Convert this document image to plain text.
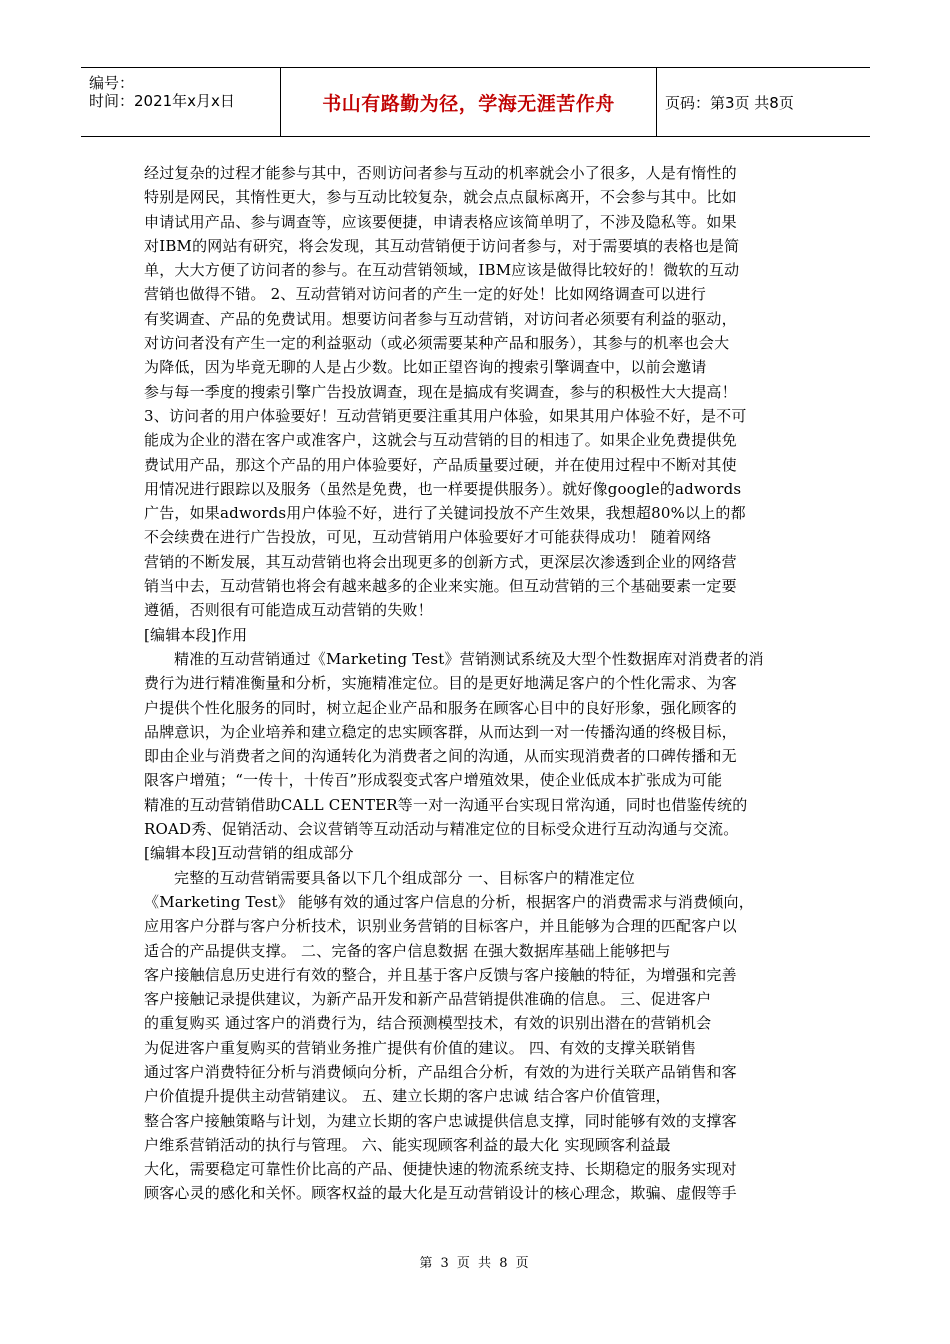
编号：
时间：2021年x月x日	书山有路勤为径，学海无涯苦作舟	页码：第3页 共8页
经过复杂的过程才能参与其中，否则访问者参与互动的机率就会小了很多，人是有惰性的
特别是网民，其惰性更大，参与互动比较复杂，就会点点鼠标离开，不会参与其中。比如
申请试用产品、参与调查等，应该要便捷，申请表格应该简单明了，不涉及隐私等。如果
对IBM的网站有研究，将会发现，其互动营销便于访问者参与，对于需要填的表格也是简
单，大大方便了访问者的参与。在互动营销领域，IBM应该是做得比较好的！微软的互动
营销也做得不错。 2、互动营销对访问者的产生一定的好处！比如网络调查可以进行
有奖调查、产品的免费试用。想要访问者参与互动营销，对访问者必须要有利益的驱动，
对访问者没有产生一定的利益驱动（或必须需要某种产品和服务），其参与的机率也会大
为降低，因为毕竟无聊的人是占少数。比如正望咨询的搜索引擎调查中，以前会邀请
参与每一季度的搜索引擎广告投放调查，现在是搞成有奖调查，参与的积极性大大提高！
3、访问者的用户体验要好！互动营销更要注重其用户体验，如果其用户体验不好，是不可
能成为企业的潜在客户或准客户，这就会与互动营销的目的相违了。如果企业免费提供免
费试用产品，那这个产品的用户体验要好，产品质量要过硬，并在使用过程中不断对其使
用情况进行跟踪以及服务（虽然是免费，也一样要提供服务）。就好像google的adwords
广告，如果adwords用户体验不好，进行了关键词投放不产生效果，我想超80%以上的都
不会续费在进行广告投放，可见，互动营销用户体验要好才可能获得成功！ 随着网络
营销的不断发展，其互动营销也将会出现更多的创新方式，更深层次渗透到企业的网络营
销当中去，互动营销也将会有越来越多的企业来实施。但互动营销的三个基础要素一定要
遵循，否则很有可能造成互动营销的失败！
[编辑本段]作用
精准的互动营销通过《Marketing Test》营销测试系统及大型个性数据库对消费者的消
费行为进行精准衡量和分析，实施精准定位。目的是更好地满足客户的个性化需求、为客
户提供个性化服务的同时，树立起企业产品和服务在顾客心目中的良好形象，强化顾客的
品牌意识，为企业培养和建立稳定的忠实顾客群，从而达到一对一传播沟通的终极目标，
即由企业与消费者之间的沟通转化为消费者之间的沟通，从而实现消费者的口碑传播和无
限客户增殖；“一传十，十传百”形成裂变式客户增殖效果，使企业低成本扩张成为可能
精准的互动营销借助CALL CENTER等一对一沟通平台实现日常沟通，同时也借鉴传统的
ROAD秀、促销活动、会议营销等互动活动与精准定位的目标受众进行互动沟通与交流。
[编辑本段]互动营销的组成部分
完整的互动营销需要具备以下几个组成部分 一、目标客户的精准定位
《Marketing Test》 能够有效的通过客户信息的分析，根据客户的消费需求与消费倾向，
应用客户分群与客户分析技术，识别业务营销的目标客户，并且能够为合理的匹配客户以
适合的产品提供支撑。 二、完备的客户信息数据 在强大数据库基础上能够把与
客户接触信息历史进行有效的整合，并且基于客户反馈与客户接触的特征，为增强和完善
客户接触记录提供建议，为新产品开发和新产品营销提供准确的信息。 三、促进客户
的重复购买 通过客户的消费行为，结合预测模型技术，有效的识别出潜在的营销机会
为促进客户重复购买的营销业务推广提供有价值的建议。 四、有效的支撑关联销售
通过客户消费特征分析与消费倾向分析，产品组合分析，有效的为进行关联产品销售和客
户价值提升提供主动营销建议。 五、建立长期的客户忠诚 结合客户价值管理，
整合客户接触策略与计划，为建立长期的客户忠诚提供信息支撑，同时能够有效的支撑客
户维系营销活动的执行与管理。 六、能实现顾客利益的最大化 实现顾客利益最
大化，需要稳定可靠性价比高的产品、便捷快速的物流系统支持、长期稳定的服务实现对
顾客心灵的感化和关怀。顾客权益的最大化是互动营销设计的核心理念，欺骗、虚假等手
第 3 页 共 8 页
